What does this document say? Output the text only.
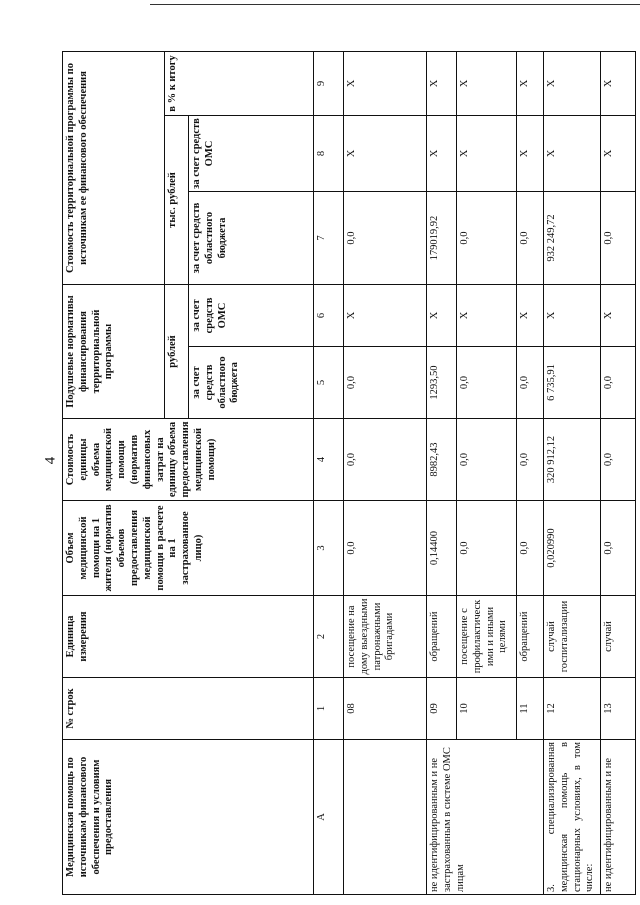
4
Медицинская помощь по источникам финансового обеспечения и условиям предоставления	№ строк	Единица измерения	Объем медицинской помощи на 1 жителя (норматив объемов предоставления медицинской помощи в расчете на 1 застрахованное лицо)	Стоимость единицы объема медицинской помощи (норматив финансовых затрат на единицу объема предоставления медицинской помощи)	Подушевые нормативы финансирования территориальной программы		Стоимость территориальной программы по источникам ее финансового обеспечения		
					рублей		тыс. рублей		в % к итогу
					за счет средств областного бюджета	за счет средств ОМС	за счет средств областного бюджета	за счет средств ОМС	
А	1	2	3	4	5	6	7	8	9
	08	посещение на дому выездными патронажными бригадами	0,0	0,0	0,0	X	0,0	X	X
не идентифицированным и не застрахованным в системе ОМС лицам	09	обращений	0,14400	8982,43	1293,50	X	179019,92	X	X
	10	посещение с профилактическими и иными целями	0,0	0,0	0,0	X	0,0	X	X
	11	обращений	0,0	0,0	0,0	X	0,0	X	X
3. специализированная медицинская помощь в стационарных условиях, в том числе:	12	случай госпитализации	0,020990	320 912,12	6 735,91	X	932 249,72	X	X
не идентифицированным и не	13	случай	0,0	0,0	0,0	X	0,0	X	X
